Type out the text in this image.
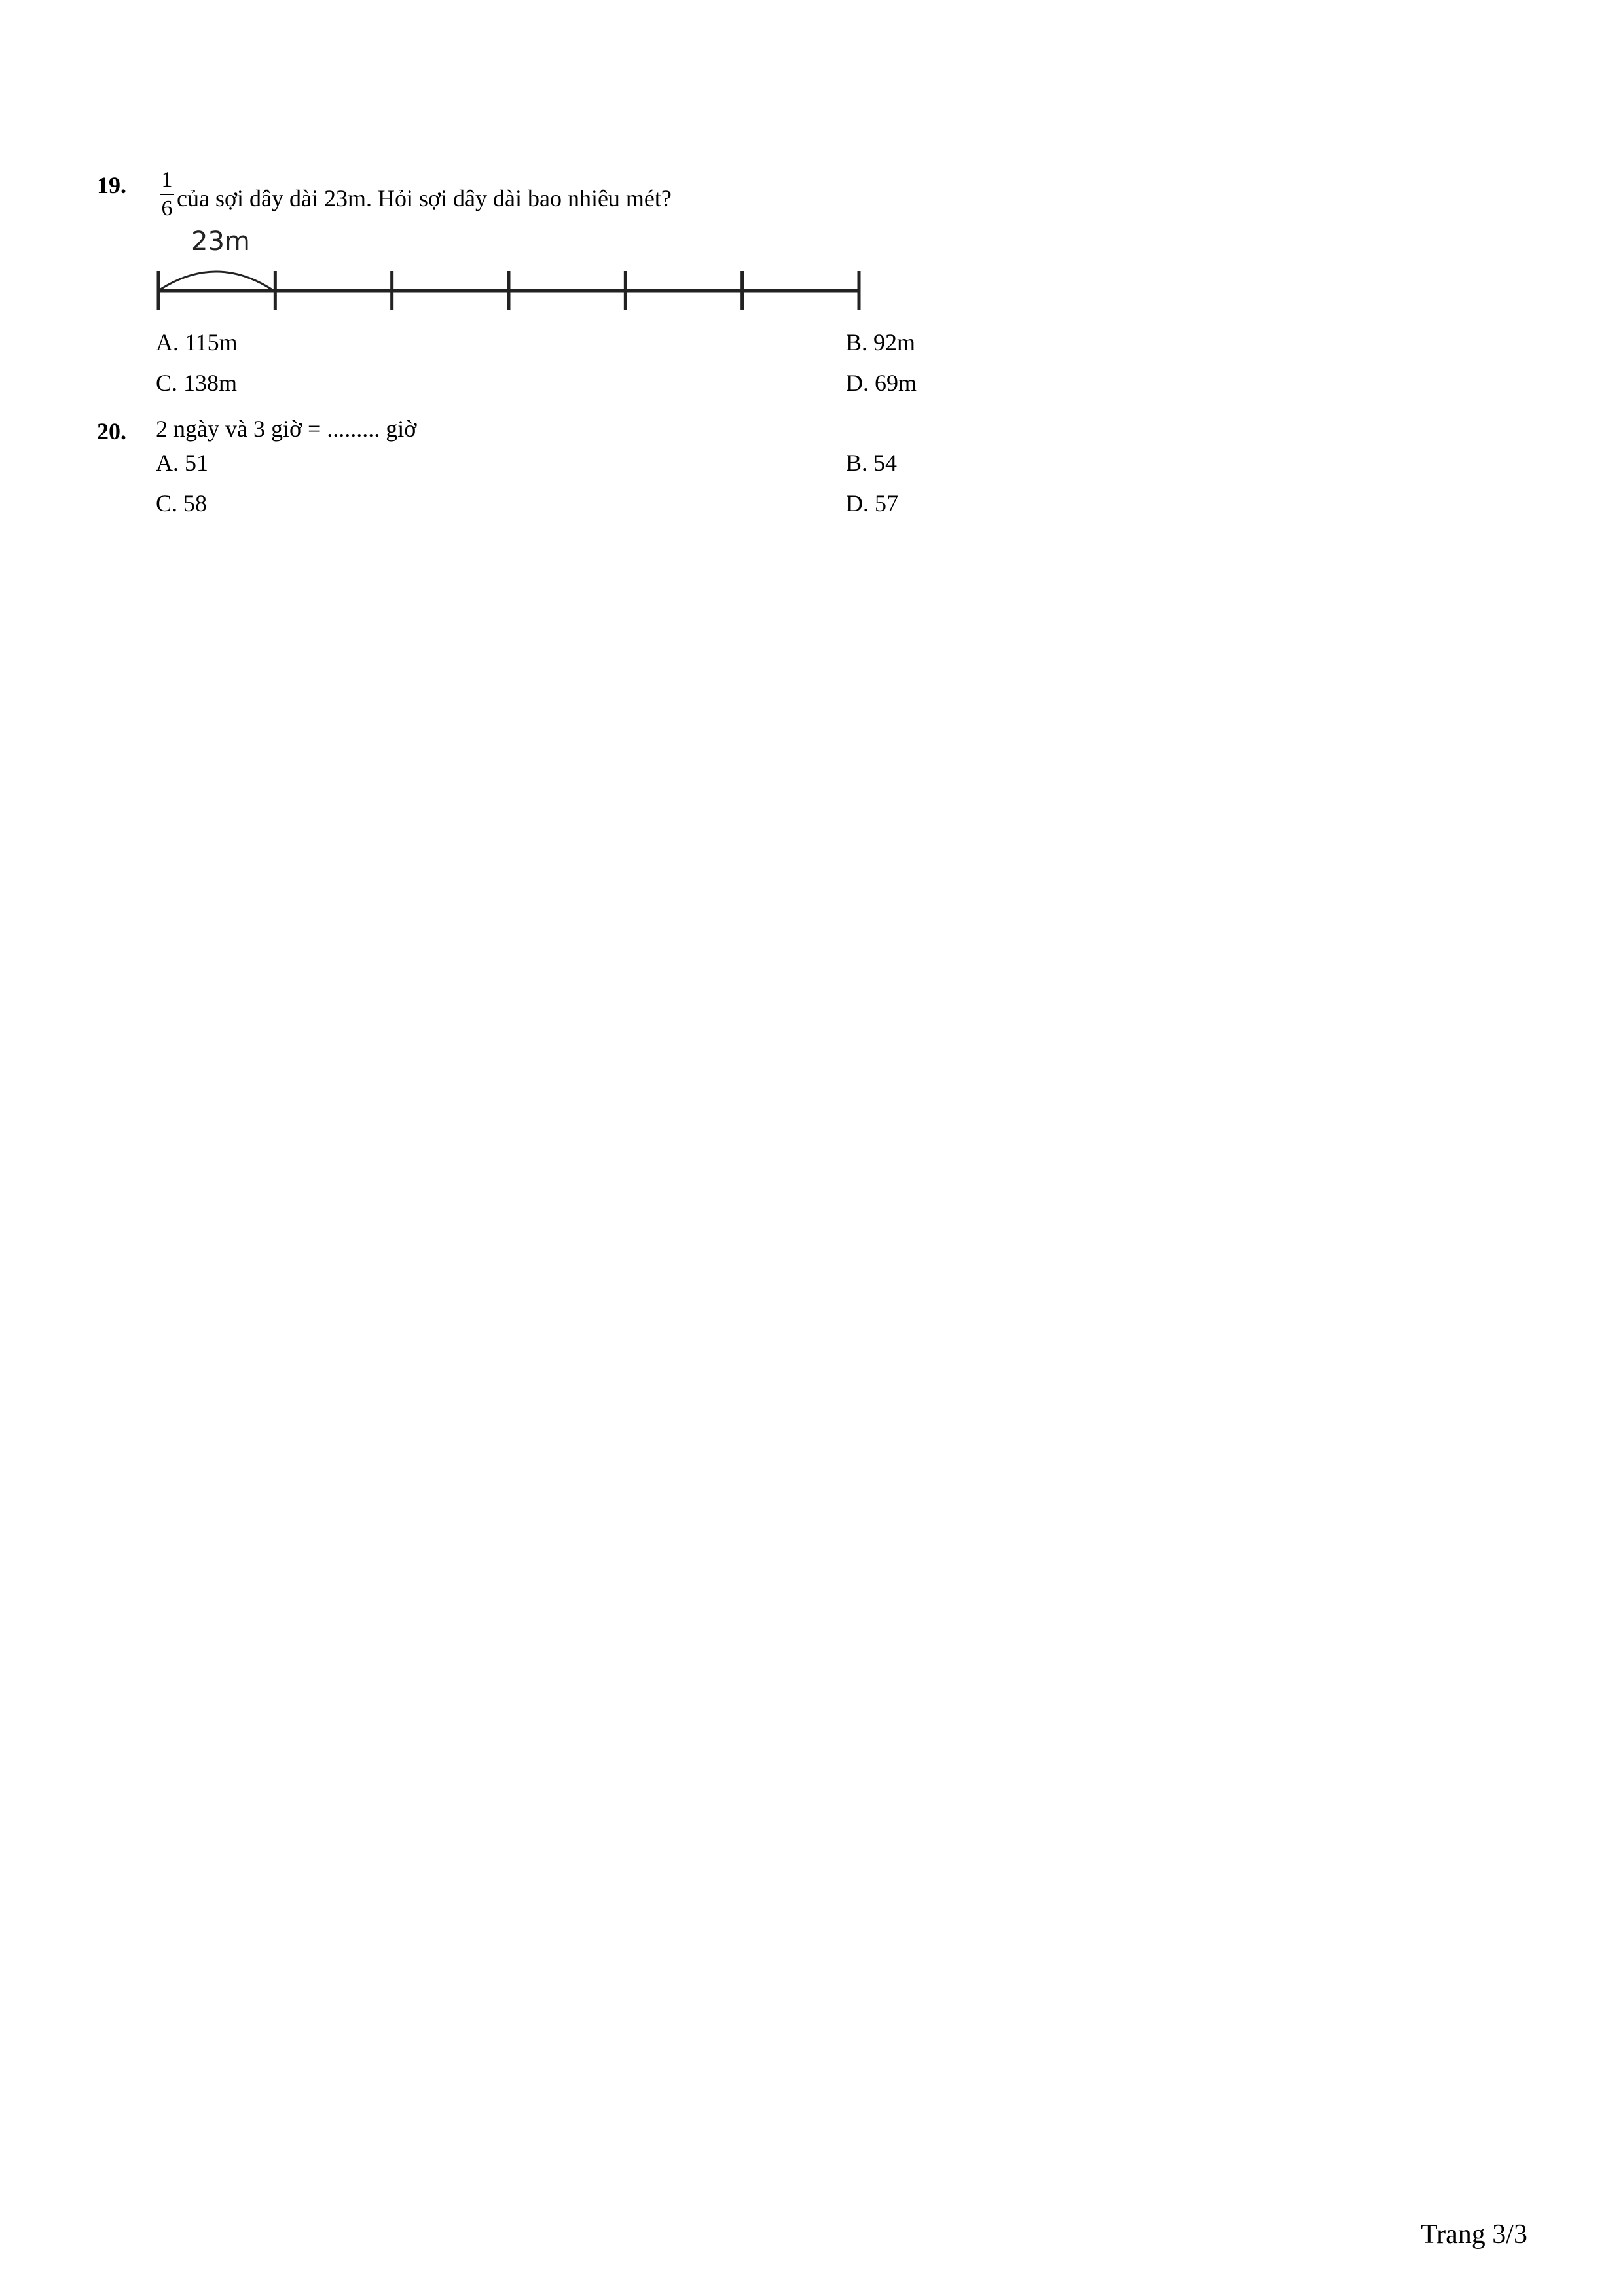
19. 1
6 của sợi dây dài 23m. Hỏi sợi dây dài bao nhiêu mét?
23m
A. 115m	B. 92m
C. 138m	D. 69m
20. 2 ngày và 3 giờ = ......... giờ
A. 51	B. 54
C. 58	D. 57
Trang 3/3
